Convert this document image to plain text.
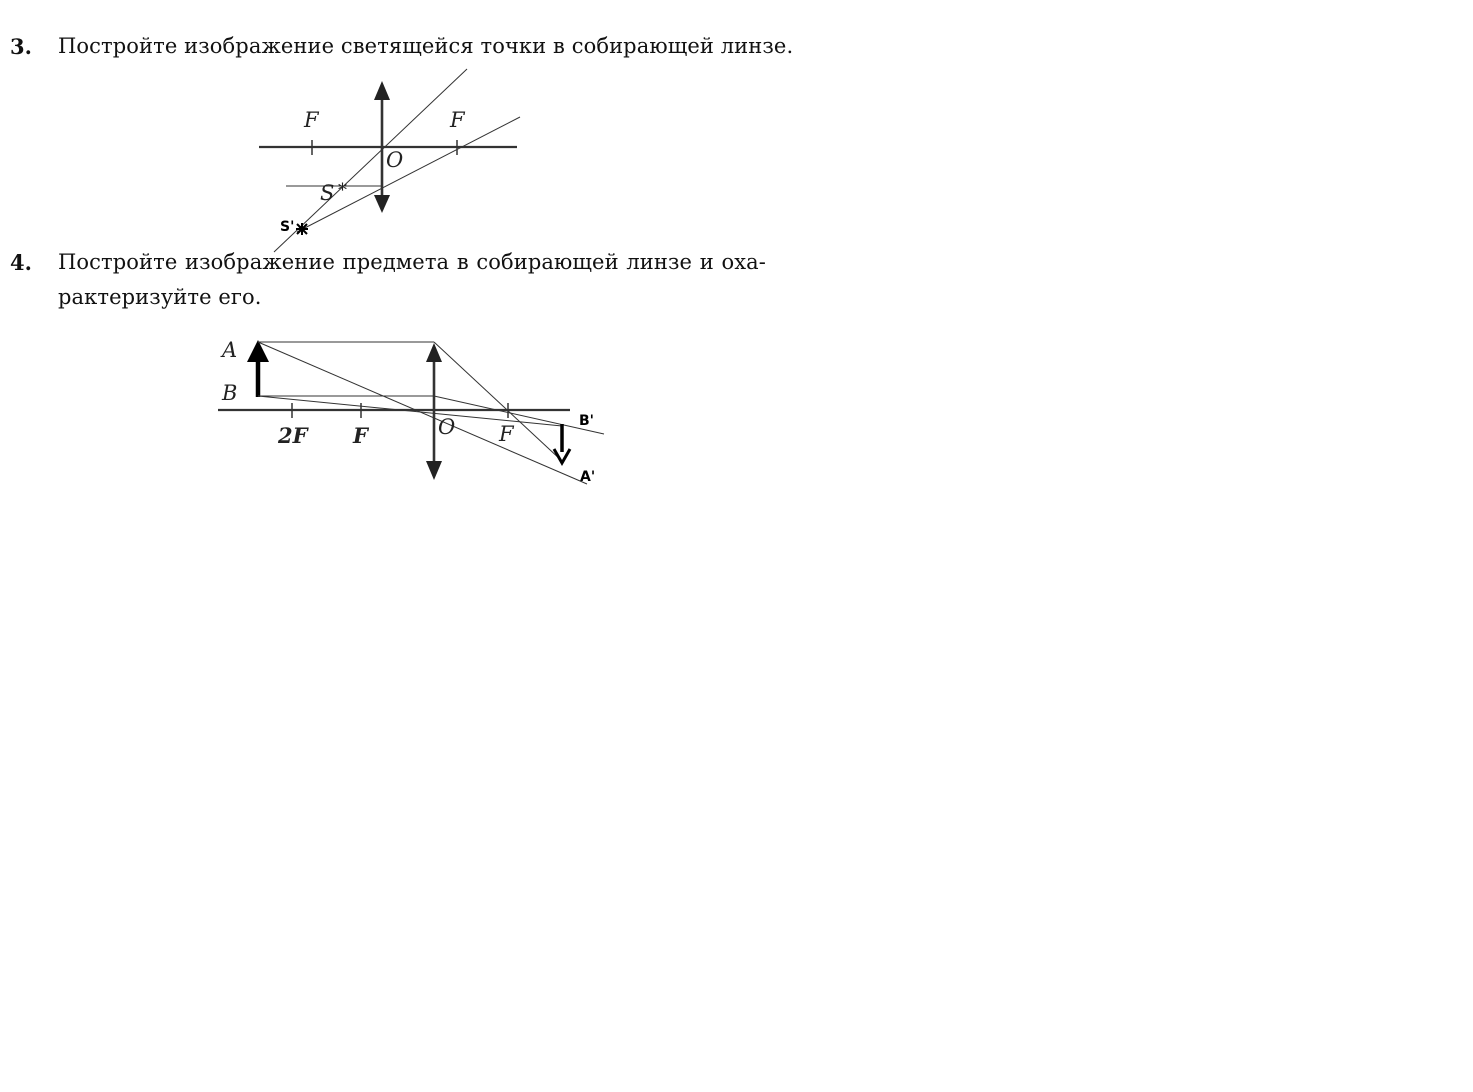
3. Постройте изображение светящейся точки в собирающей линзе.

F	F
O
S *
S'
A
B
2F F	O F
B'
A'

4. Постройте изображение предмета в собирающей линзе и оха-

рактеризуйте его.
